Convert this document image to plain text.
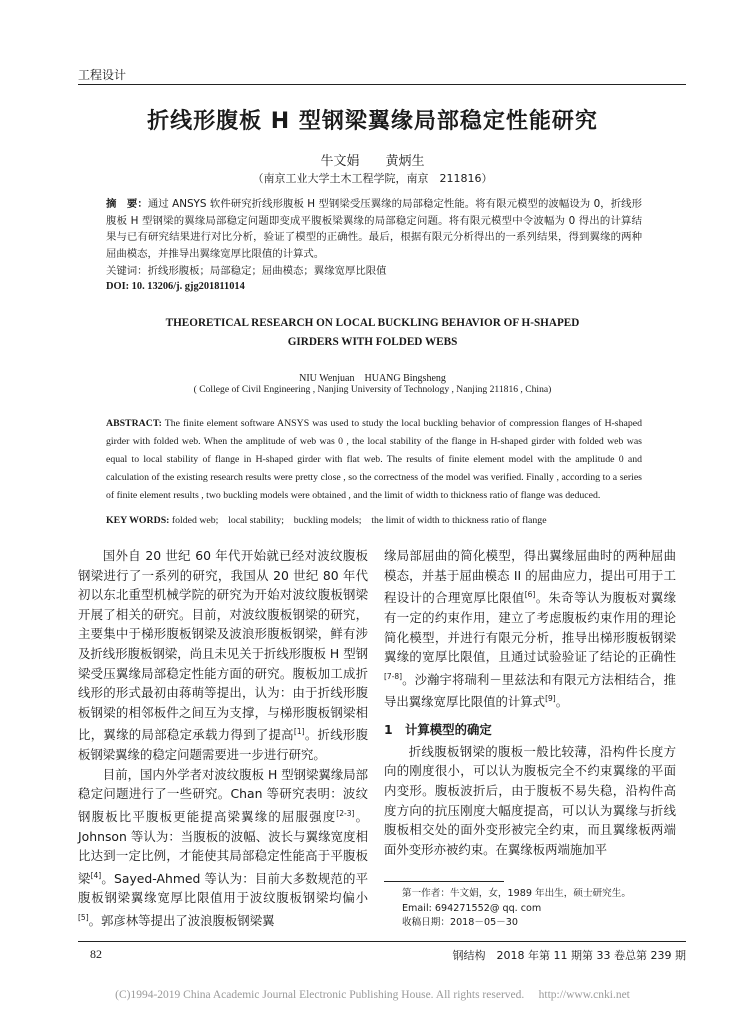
工程设计
折线形腹板 H 型钢梁翼缘局部稳定性能研究
牛文娟　　黄炳生
（南京工业大学土木工程学院，南京　211816）

摘　要：通过 ANSYS 软件研究折线形腹板 H 型钢梁受压翼缘的局部稳定性能。将有限元模型的波幅设为 0，折线形腹板 H 型钢梁的翼缘局部稳定问题即变成平腹板梁翼缘的局部稳定问题。将有限元模型中令波幅为 0 得出的计算结果与已有研究结果进行对比分析，验证了模型的正确性。最后，根据有限元分析得出的一系列结果，得到翼缘的两种屈曲模态，并推导出翼缘宽厚比限值的计算式。

关键词：折线形腹板；局部稳定；屈曲模态；翼缘宽厚比限值
DOI: 10. 13206/j. gjg201811014
THEORETICAL RESEARCH ON LOCAL BUCKLING BEHAVIOR OF H-SHAPED
GIRDERS WITH FOLDED WEBS
NIU Wenjuan　HUANG Bingsheng
( College of Civil Engineering , Nanjing University of Technology , Nanjing 211816 , China)
ABSTRACT: The finite element software ANSYS was used to study the local buckling behavior of compression flanges of H-shaped girder with folded web. When the amplitude of web was 0 , the local stability of the flange in H-shaped girder with folded web was equal to local stability of flange in H-shaped girder with flat web. The results of finite element model with the amplitude 0 and calculation of the existing research results were pretty close , so the correctness of the model was verified. Finally , according to a series of finite element results , two buckling models were obtained , and the limit of width to thickness ratio of flange was deduced.
KEY WORDS: folded web;　local stability;　buckling models;　the limit of width to thickness ratio of flange

国外自 20 世纪 60 年代开始就已经对波纹腹板钢梁进行了一系列的研究，我国从 20 世纪 80 年代初以东北重型机械学院的研究为开始对波纹腹板钢梁开展了相关的研究。目前，对波纹腹板钢梁的研究，主要集中于梯形腹板钢梁及波浪形腹板钢梁，鲜有涉及折线形腹板钢梁，尚且未见关于折线形腹板 H 型钢梁受压翼缘局部稳定性能方面的研究。腹板加工成折线形的形式最初由蒋萌等提出，认为：由于折线形腹板钢梁的相邻板件之间互为支撑，与梯形腹板钢梁相比，翼缘的局部稳定承载力得到了提高[1]。折线形腹板钢梁翼缘的稳定问题需要进一步进行研究。

目前，国内外学者对波纹腹板 H 型钢梁翼缘局部稳定问题进行了一些研究。Chan 等研究表明：波纹钢腹板比平腹板更能提高梁翼缘的屈服强度[2-3]。Johnson 等认为：当腹板的波幅、波长与翼缘宽度相比达到一定比例，才能使其局部稳定性能高于平腹板梁[4]。Sayed-Ahmed 等认为：目前大多数规范的平腹板钢梁翼缘宽厚比限值用于波纹腹板钢梁均偏小[5]。郭彦林等提出了波浪腹板钢梁翼

缘局部屈曲的简化模型，得出翼缘屈曲时的两种屈曲模态，并基于屈曲模态 II 的屈曲应力，提出可用于工程设计的合理宽厚比限值[6]。朱奇等认为腹板对翼缘有一定的约束作用，建立了考虑腹板约束作用的理论简化模型，并进行有限元分析，推导出梯形腹板钢梁翼缘的宽厚比限值，且通过试验验证了结论的正确性[7-8]。沙瀚宇将瑞利－里兹法和有限元方法相结合，推导出翼缘宽厚比限值的计算式[9]。

1　计算模型的确定

折线腹板钢梁的腹板一般比较薄，沿构件长度方向的刚度很小，可以认为腹板完全不约束翼缘的平面内变形。腹板波折后，由于腹板不易失稳，沿构件高度方向的抗压刚度大幅度提高，可以认为翼缘与折线腹板相交处的面外变形被完全约束，而且翼缘板两端面外变形亦被约束。在翼缘板两端施加平

第一作者：牛文娟，女，1989 年出生，硕士研究生。
Email: 694271552@ qq. com
收稿日期：2018－05－30
82	钢结构　2018 年第 11 期第 33 卷总第 239 期
(C)1994-2019 China Academic Journal Electronic Publishing House. All rights reserved.　 http://www.cnki.net
